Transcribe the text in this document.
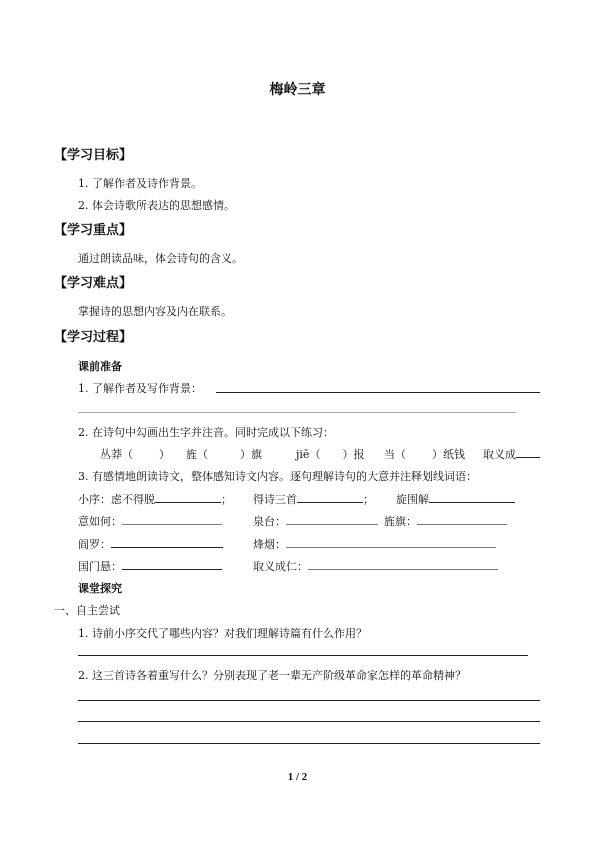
梅岭三章
【学习目标】
1. 了解作者及诗作背景。
2. 体会诗歌所表达的思想感情。
【学习重点】
通过朗读品味，体会诗句的含义。
【学习难点】
掌握诗的思想内容及内在联系。
【学习过程】
课前准备
1. 了解作者及写作背景：
2. 在诗句中勾画出生字并注音。同时完成以下练习：
丛莽（ ） 旌（	）旗	jiē（ ）报 当（ ）纸钱 取义成
3. 有感情地朗读诗文，整体感知诗文内容。逐句理解诗句的大意并注释划线词语：
小序：虑不得脱	； 得诗三首	； 旋围解
意如何：	泉台：	旌旗：
阎罗：	烽烟：
国门悬：	取义成仁：
课堂探究
一、自主尝试
1. 诗前小序交代了哪些内容？对我们理解诗篇有什么作用？
2. 这三首诗各着重写什么？分别表现了老一辈无产阶级革命家怎样的革命精神？
1 / 2
